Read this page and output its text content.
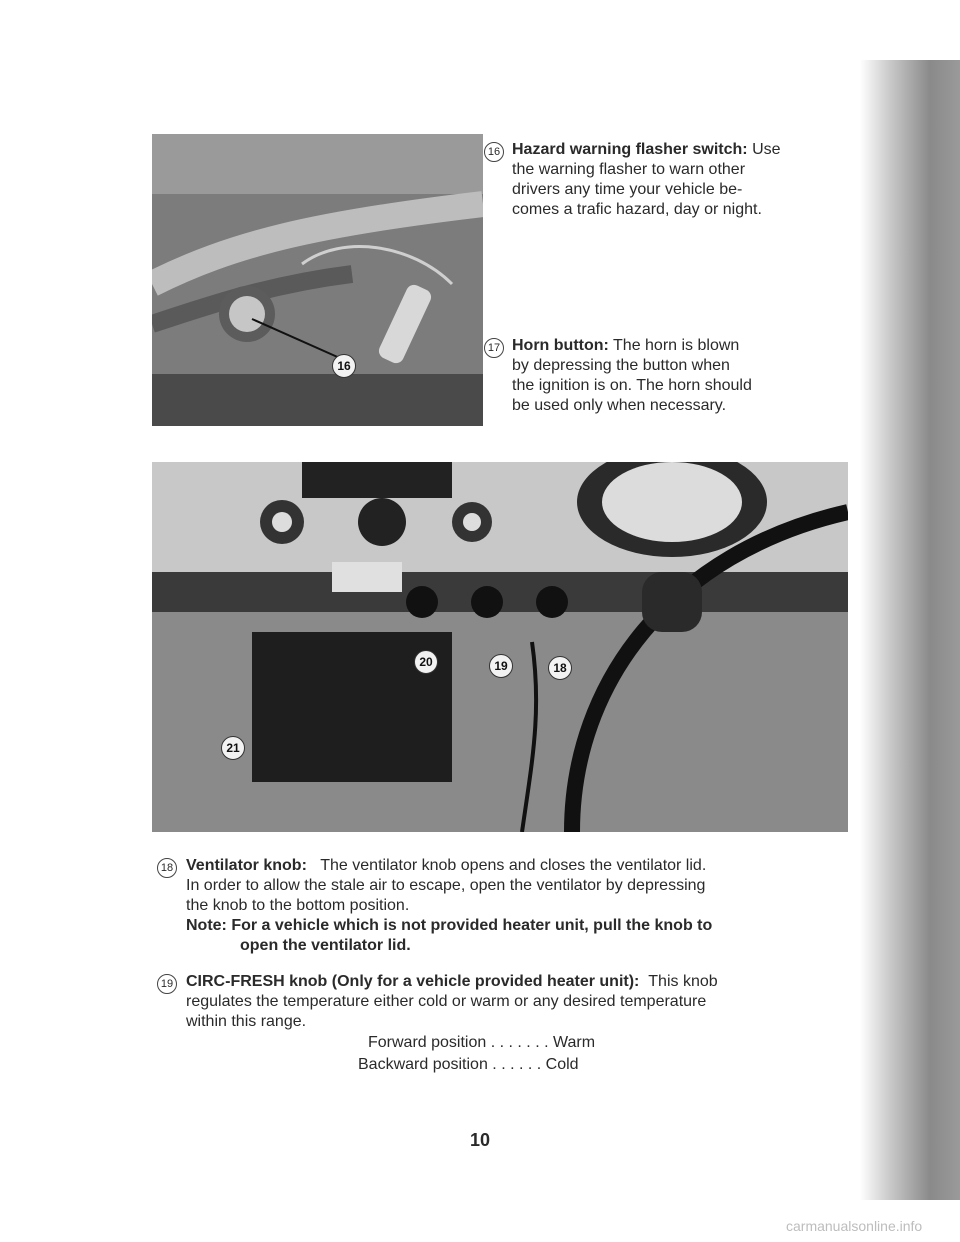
16
16 Hazard warning flasher switch: Use
the warning flasher to warn other
drivers any time your vehicle be-
comes a trafic hazard, day or night.
17 Horn button: The horn is blown
by depressing the button when
the ignition is on. The horn should
be used only when necessary.
20	19	18
21
18 Ventilator knob: The ventilator knob opens and closes the ventilator lid.
In order to allow the stale air to escape, open the ventilator by depressing
the knob to the bottom position.
Note: For a vehicle which is not provided heater unit, pull the knob to
open the ventilator lid.
19 CIRC-FRESH knob (Only for a vehicle provided heater unit): This knob
regulates the temperature either cold or warm or any desired temperature
within this range.
Forward position . . . . . . . Warm
Backward position . . . . . . Cold
10
carmanualsonline.info
